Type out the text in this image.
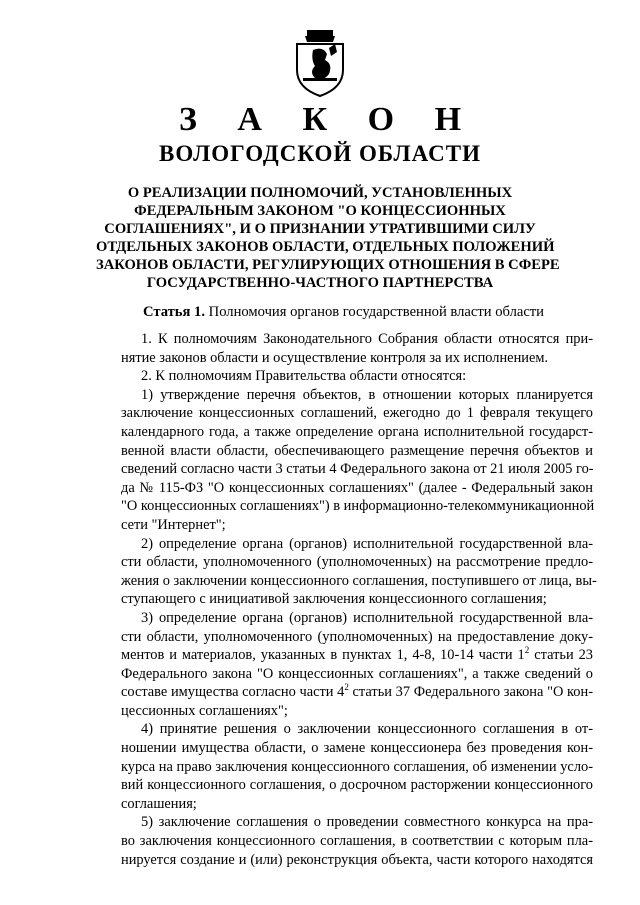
З А К О Н
ВОЛОГОДСКОЙ ОБЛАСТИ
О РЕАЛИЗАЦИИ ПОЛНОМОЧИЙ, УСТАНОВЛЕННЫХ
ФЕДЕРАЛЬНЫМ ЗАКОНОМ "О КОНЦЕССИОННЫХ
СОГЛАШЕНИЯХ", И О ПРИЗНАНИИ УТРАТИВШИМИ СИЛУ
ОТДЕЛЬНЫХ ЗАКОНОВ ОБЛАСТИ, ОТДЕЛЬНЫХ ПОЛОЖЕНИЙ
ЗАКОНОВ ОБЛАСТИ, РЕГУЛИРУЮЩИХ ОТНОШЕНИЯ В СФЕРЕ
ГОСУДАРСТВЕННО-ЧАСТНОГО ПАРТНЕРСТВА
Статья 1. Полномочия органов государственной власти области
1. К полномочиям Законодательного Собрания области относятся при-
нятие законов области и осуществление контроля за их исполнением.
2. К полномочиям Правительства области относятся:
1) утверждение перечня объектов, в отношении которых планируется
заключение концессионных соглашений, ежегодно до 1 февраля текущего
календарного года, а также определение органа исполнительной государст-
венной власти области, обеспечивающего размещение перечня объектов и
сведений согласно части 3 статьи 4 Федерального закона от 21 июля 2005 го-
да № 115-ФЗ "О концессионных соглашениях" (далее - Федеральный закон
"О концессионных соглашениях") в информационно-телекоммуникационной
сети "Интернет";
2) определение органа (органов) исполнительной государственной вла-
сти области, уполномоченного (уполномоченных) на рассмотрение предло-
жения о заключении концессионного соглашения, поступившего от лица, вы-
ступающего с инициативой заключения концессионного соглашения;
3) определение органа (органов) исполнительной государственной вла-
сти области, уполномоченного (уполномоченных) на предоставление доку-
ментов и материалов, указанных в пунктах 1, 4-8, 10-14 части $1^2$ статьи 23
Федерального закона "О концессионных соглашениях", а также сведений о
составе имущества согласно части $4^2$ статьи 37 Федерального закона "О кон-
цессионных соглашениях";
4) принятие решения о заключении концессионного соглашения в от-
ношении имущества области, о замене концессионера без проведения кон-
курса на право заключения концессионного соглашения, об изменении усло-
вий концессионного соглашения, о досрочном расторжении концессионного
соглашения;
5) заключение соглашения о проведении совместного конкурса на пра-
во заключения концессионного соглашения, в соответствии с которым пла-
нируется создание и (или) реконструкция объекта, части которого находятся
